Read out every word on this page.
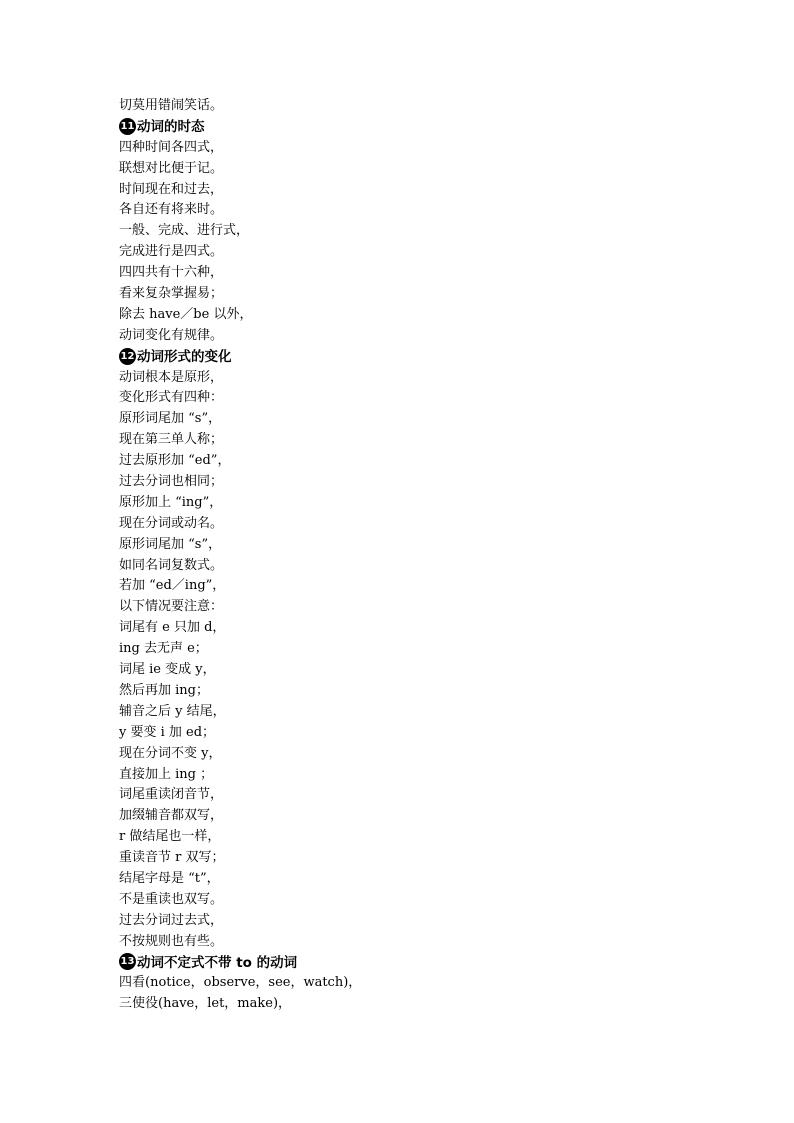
切莫用错闹笑话。
11 动词的时态
四种时间各四式，
联想对比便于记。
时间现在和过去，
各自还有将来时。
一般、完成、进行式，
完成进行是四式。
四四共有十六种，
看来复杂掌握易；
除去 have／be 以外，
动词变化有规律。
12 动词形式的变化
动词根本是原形，
变化形式有四种：
原形词尾加 “s”，
现在第三单人称；
过去原形加 “ed”，
过去分词也相同；
原形加上 “ing”，
现在分词或动名。
原形词尾加 “s”，
如同名词复数式。
若加 “ed／ing”，
以下情况要注意：
词尾有 e 只加 d，
ing 去无声 e；
词尾 ie 变成 y，
然后再加 ing；
辅音之后 y 结尾，
y 要变 i 加 ed；
现在分词不变 y，
直接加上 ing ；
词尾重读闭音节，
加缀辅音都双写，
r 做结尾也一样，
重读音节 r 双写；
结尾字母是 “t”，
不是重读也双写。
过去分词过去式，
不按规则也有些。
13 动词不定式不带 to 的动词
四看(notice，observe，see，watch)，
三使役(have，let，make)，
